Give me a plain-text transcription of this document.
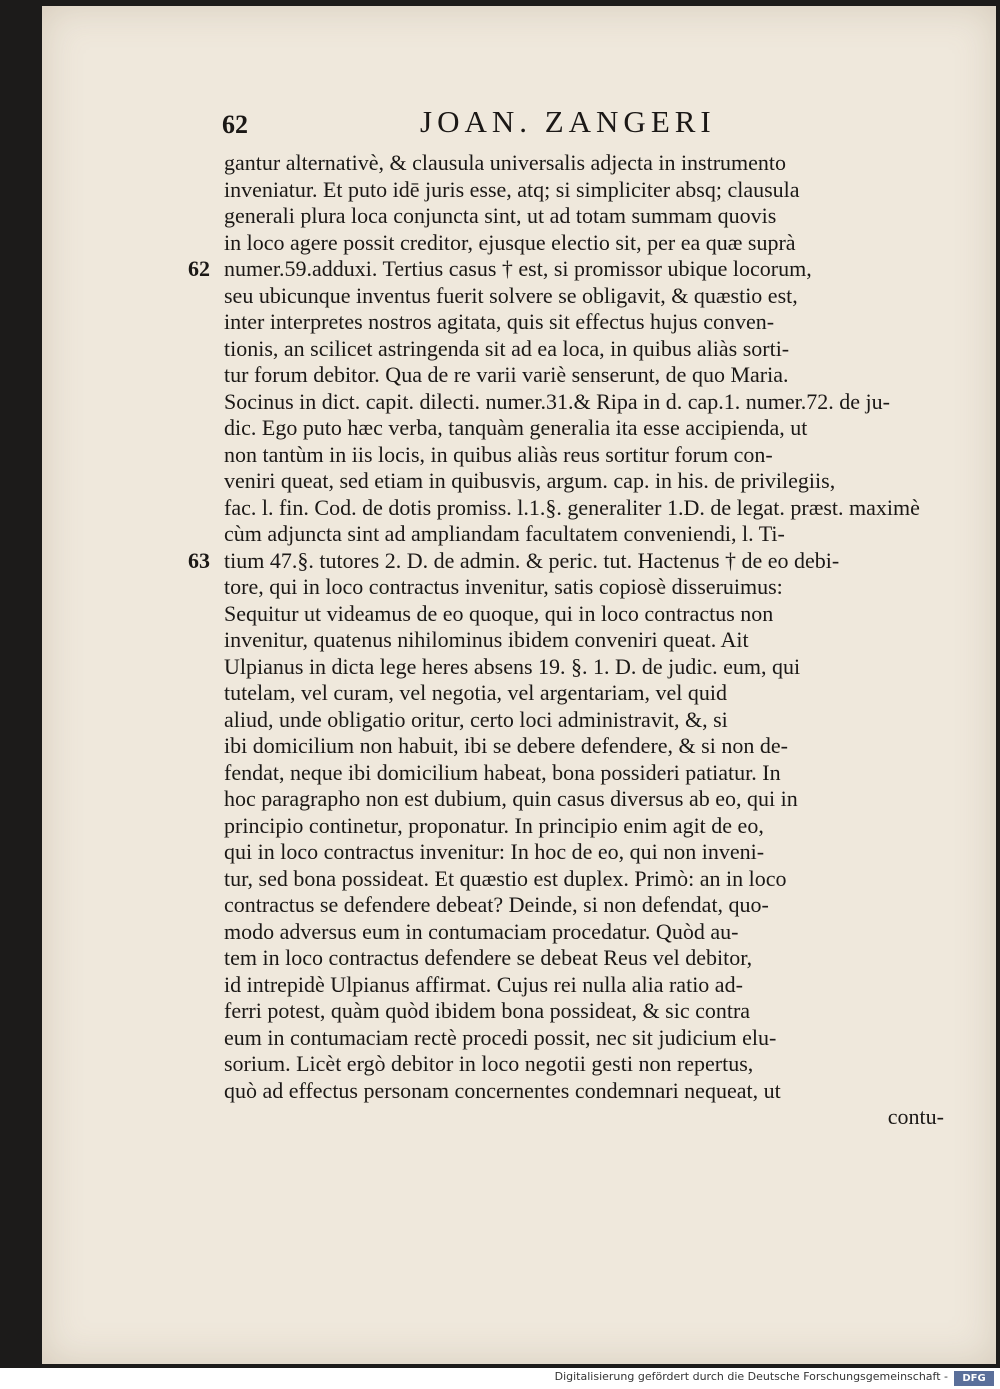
62	JOAN. ZANGERI
gantur alternativè, & clausula universalis adjecta in instrumento
inveniatur. Et puto idē juris esse, atq; si simpliciter absq; clausula
generali plura loca conjuncta sint, ut ad totam summam quovis
in loco agere possit creditor, ejusque electio sit, per ea quæ suprà
numer.59.adduxi. Tertius casus † est, si promissor ubique locorum,
62
seu ubicunque inventus fuerit solvere se obligavit, & quæstio est,
inter interpretes nostros agitata, quis sit effectus hujus conven-
tionis, an scilicet astringenda sit ad ea loca, in quibus aliàs sorti-
tur forum debitor. Qua de re varii variè senserunt, de quo Maria.
Socinus in dict. capit. dilecti. numer.31.& Ripa in d. cap.1. numer.72. de ju-
dic. Ego puto hæc verba, tanquàm generalia ita esse accipienda, ut
non tantùm in iis locis, in quibus aliàs reus sortitur forum con-
veniri queat, sed etiam in quibusvis, argum. cap. in his. de privilegiis,
fac. l. fin. Cod. de dotis promiss. l.1.§. generaliter 1.D. de legat. præst. maximè
cùm adjuncta sint ad ampliandam facultatem conveniendi, l. Ti-
tium 47.§. tutores 2. D. de admin. & peric. tut. Hactenus † de eo debi-
63
tore, qui in loco contractus invenitur, satis copiosè disseruimus:
Sequitur ut videamus de eo quoque, qui in loco contractus non
invenitur, quatenus nihilominus ibidem conveniri queat. Ait
Ulpianus in dicta lege heres absens 19. §. 1. D. de judic. eum, qui
tutelam, vel curam, vel negotia, vel argentariam, vel quid
aliud, unde obligatio oritur, certo loci administravit, &, si
ibi domicilium non habuit, ibi se debere defendere, & si non de-
fendat, neque ibi domicilium habeat, bona possideri patiatur. In
hoc paragrapho non est dubium, quin casus diversus ab eo, qui in
principio continetur, proponatur. In principio enim agit de eo,
qui in loco contractus invenitur: In hoc de eo, qui non inveni-
tur, sed bona possideat. Et quæstio est duplex. Primò: an in loco
contractus se defendere debeat? Deinde, si non defendat, quo-
modo adversus eum in contumaciam procedatur. Quòd au-
tem in loco contractus defendere se debeat Reus vel debitor,
id intrepidè Ulpianus affirmat. Cujus rei nulla alia ratio ad-
ferri potest, quàm quòd ibidem bona possideat, & sic contra
eum in contumaciam rectè procedi possit, nec sit judicium elu-
sorium. Licèt ergò debitor in loco negotii gesti non repertus,
quò ad effectus personam concernentes condemnari nequeat, ut
contu-
Digitalisierung gefördert durch die Deutsche Forschungsgemeinschaft -	DFG
